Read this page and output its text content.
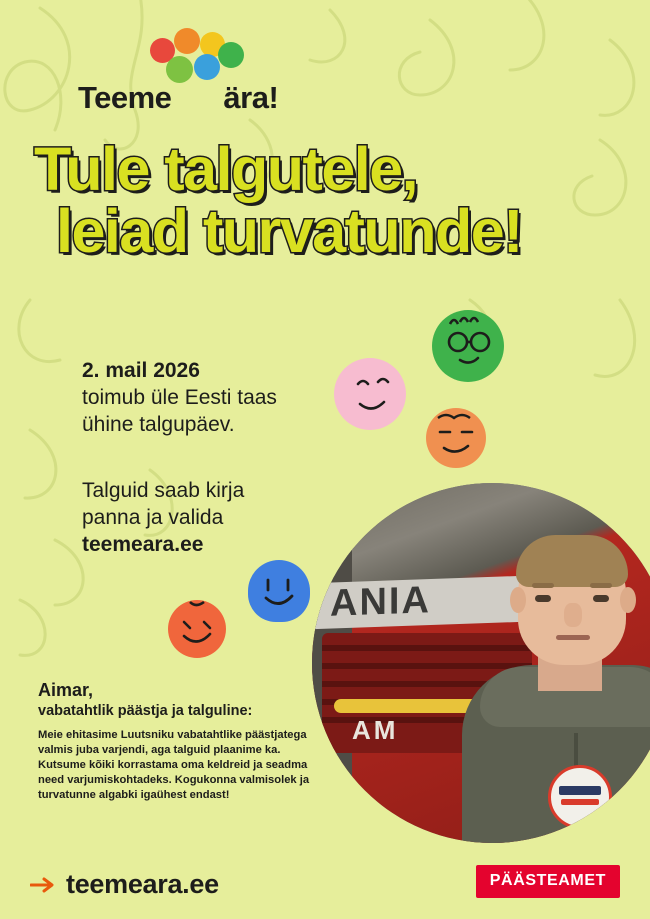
Teeme ära!
Tule talgutele,
leiad turvatunde!
2. mail 2026
toimub üle Eesti taas
ühine talgupäev.
Talguid saab kirja
panna ja valida
teemeara.ee
ANIA
AM
Aimar,
vabatahtlik päästja ja talguline:

Meie ehitasime Luutsniku vabatahtlike päästjatega valmis juba varjendi, aga talguid plaanime ka. Kutsume kõiki korrastama oma keldreid ja seadma need varjumiskohtadeks. Kogukonna valmisolek ja turvatunne algabki igaühest endast!

teemeara.ee	PÄÄSTEAMET
